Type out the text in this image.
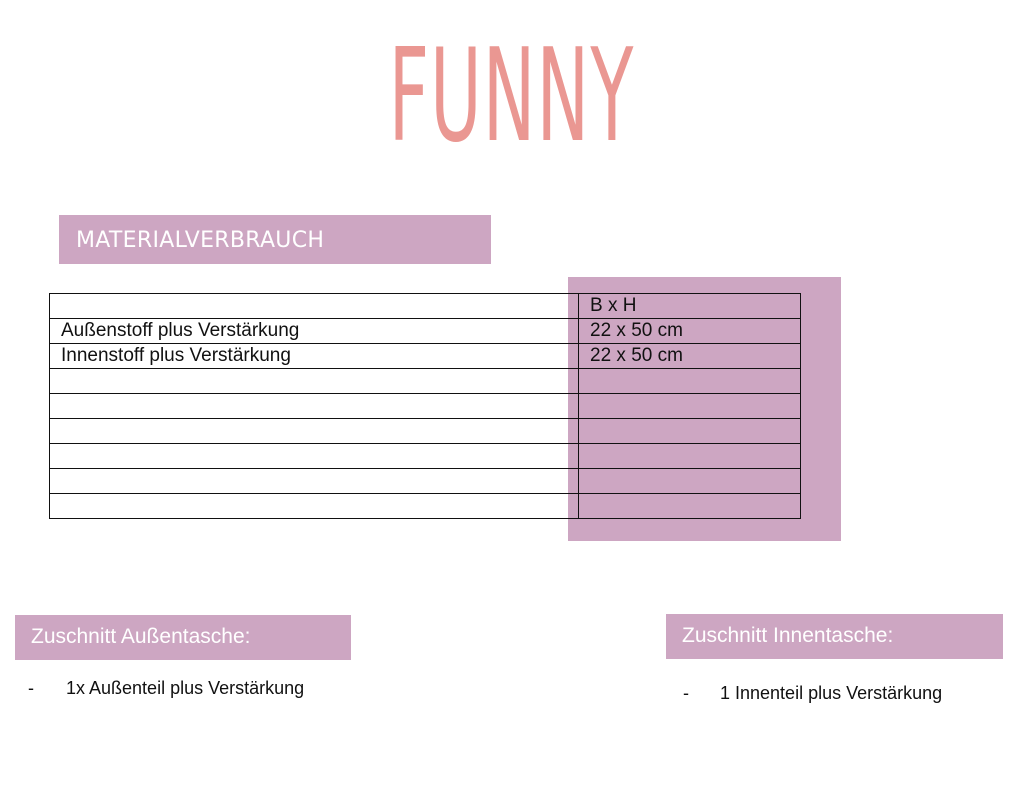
FUNNY
MATERIALVERBRAUCH
	B x H
Außenstoff plus Verstärkung	22 x 50 cm
Innenstoff plus Verstärkung	22 x 50 cm

Zuschnitt Außentasche:
- 1x Außenteil plus Verstärkung
Zuschnitt Innentasche:
- 1 Innenteil plus Verstärkung
